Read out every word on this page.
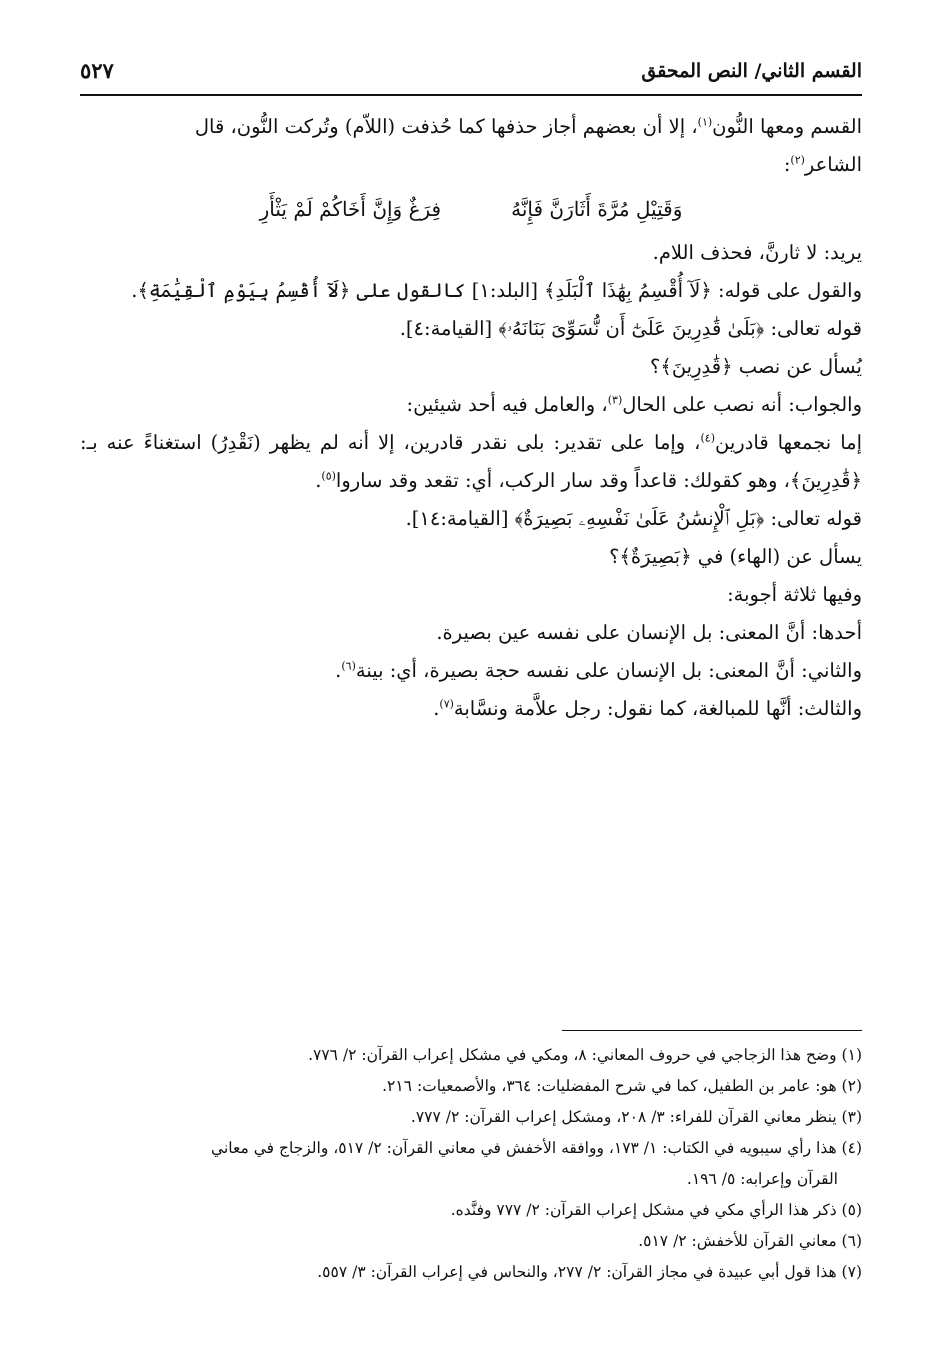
القسم الثاني/ النص المحقق
٥٢٧

القسم ومعها النُّون$^{(١)}$، إلا أن بعضهم أجاز حذفها كما حُذفت (اللاّم) وتُركت النُّون، قال
الشاعر$^{(٢)}$:

وَقَتِيْلِ مُرَّةَ أَثَارَنَّ فَإِنَّهُ
فِرَغٌ وَإِنَّ أَخَاكُمْ لَمْ يَثْأَرِ

يريد: لا ثارنَّ، فحذف اللام.

والقول على قوله: ﴿لَآ أُقْسِمُ بِهَٰذَا ٱلْبَلَدِ﴾ [البلد:١] كالقول على ﴿لَآ أُقْسِمُ بِيَوْمِ ٱلْقِيَٰمَةِ﴾.

قوله تعالى: ﴿بَلَىٰ قَٰدِرِينَ عَلَىٰٓ أَن نُّسَوِّىَ بَنَانَهُۥ﴾ [القيامة:٤].

يُسأل عن نصب ﴿قَٰدِرِينَ﴾؟

والجواب: أنه نصب على الحال$^{(٣)}$، والعامل فيه أحد شيئين:

إما نجمعها قادرين$^{(٤)}$، وإما على تقدير: بلى نقدر قادرين، إلا أنه لم يظهر (نَقْدِرُ) استغناءً عنه بـ: ﴿قَٰدِرِينَ﴾، وهو كقولك: قاعداً وقد سار الركب، أي: تقعد وقد ساروا$^{(٥)}$.

قوله تعالى: ﴿بَلِ ٱلْإِنسَٰنُ عَلَىٰ نَفْسِهِۦ بَصِيرَةٌ﴾ [القيامة:١٤].

يسأل عن (الهاء) في ﴿بَصِيرَةٌ﴾؟

وفيها ثلاثة أجوبة:

أحدها: أنَّ المعنى: بل الإنسان على نفسه عين بصيرة.

والثاني: أنَّ المعنى: بل الإنسان على نفسه حجة بصيرة، أي: بينة$^{(٦)}$.

والثالث: أنَّها للمبالغة، كما نقول: رجل علاَّمة ونسَّابة$^{(٧)}$.

(١) وضح هذا الزجاجي في حروف المعاني: ٨، ومكي في مشكل إعراب القرآن: ٢/ ٧٧٦.

(٢) هو: عامر بن الطفيل، كما في شرح المفضليات: ٣٦٤، والأصمعيات: ٢١٦.

(٣) ينظر معاني القرآن للفراء: ٣/ ٢٠٨، ومشكل إعراب القرآن: ٢/ ٧٧٧.

(٤) هذا رأي سيبويه في الكتاب: ١/ ١٧٣، ووافقه الأخفش في معاني القرآن: ٢/ ٥١٧، والزجاج في معاني

القرآن وإعرابه: ٥/ ١٩٦.

(٥) ذكر هذا الرأي مكي في مشكل إعراب القرآن: ٢/ ٧٧٧ وفنَّده.

(٦) معاني القرآن للأخفش: ٢/ ٥١٧.

(٧) هذا قول أبي عبيدة في مجاز القرآن: ٢/ ٢٧٧، والنحاس في إعراب القرآن: ٣/ ٥٥٧.
